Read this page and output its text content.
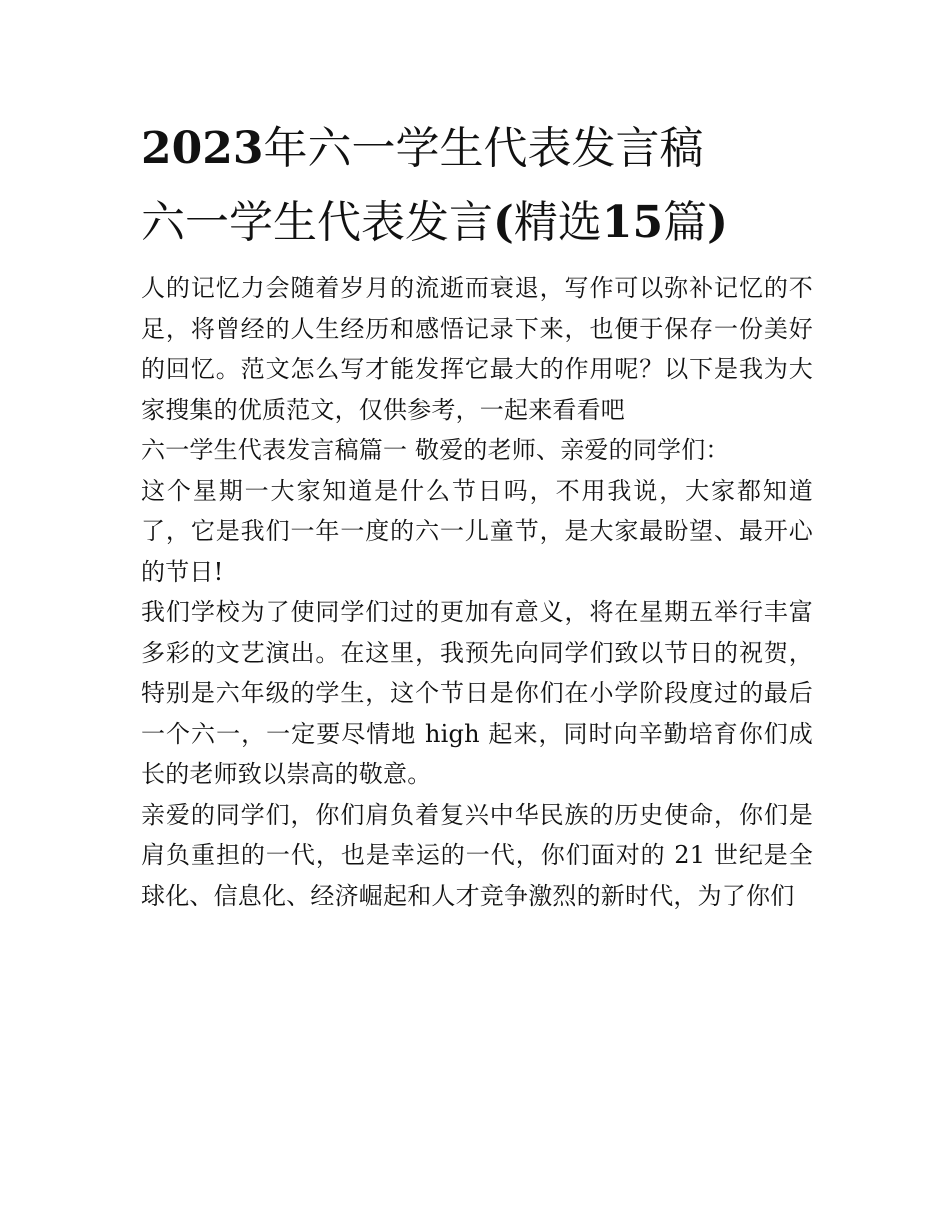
2023年六一学生代表发言稿
六一学生代表发言(精选15篇)

人的记忆力会随着岁月的流逝而衰退，写作可以弥补记忆的不足，将曾经的人生经历和感悟记录下来，也便于保存一份美好的回忆。范文怎么写才能发挥它最大的作用呢？以下是我为大家搜集的优质范文，仅供参考，一起来看看吧

六一学生代表发言稿篇一 敬爱的老师、亲爱的同学们：

这个星期一大家知道是什么节日吗，不用我说，大家都知道了，它是我们一年一度的六一儿童节，是大家最盼望、最开心的节日!

我们学校为了使同学们过的更加有意义，将在星期五举行丰富多彩的文艺演出。在这里，我预先向同学们致以节日的祝贺，特别是六年级的学生，这个节日是你们在小学阶段度过的最后一个六一，一定要尽情地 high 起来，同时向辛勤培育你们成长的老师致以崇高的敬意。

亲爱的同学们，你们肩负着复兴中华民族的历史使命，你们是肩负重担的一代，也是幸运的一代，你们面对的 21 世纪是全球化、信息化、经济崛起和人才竞争激烈的新时代，为了你们
